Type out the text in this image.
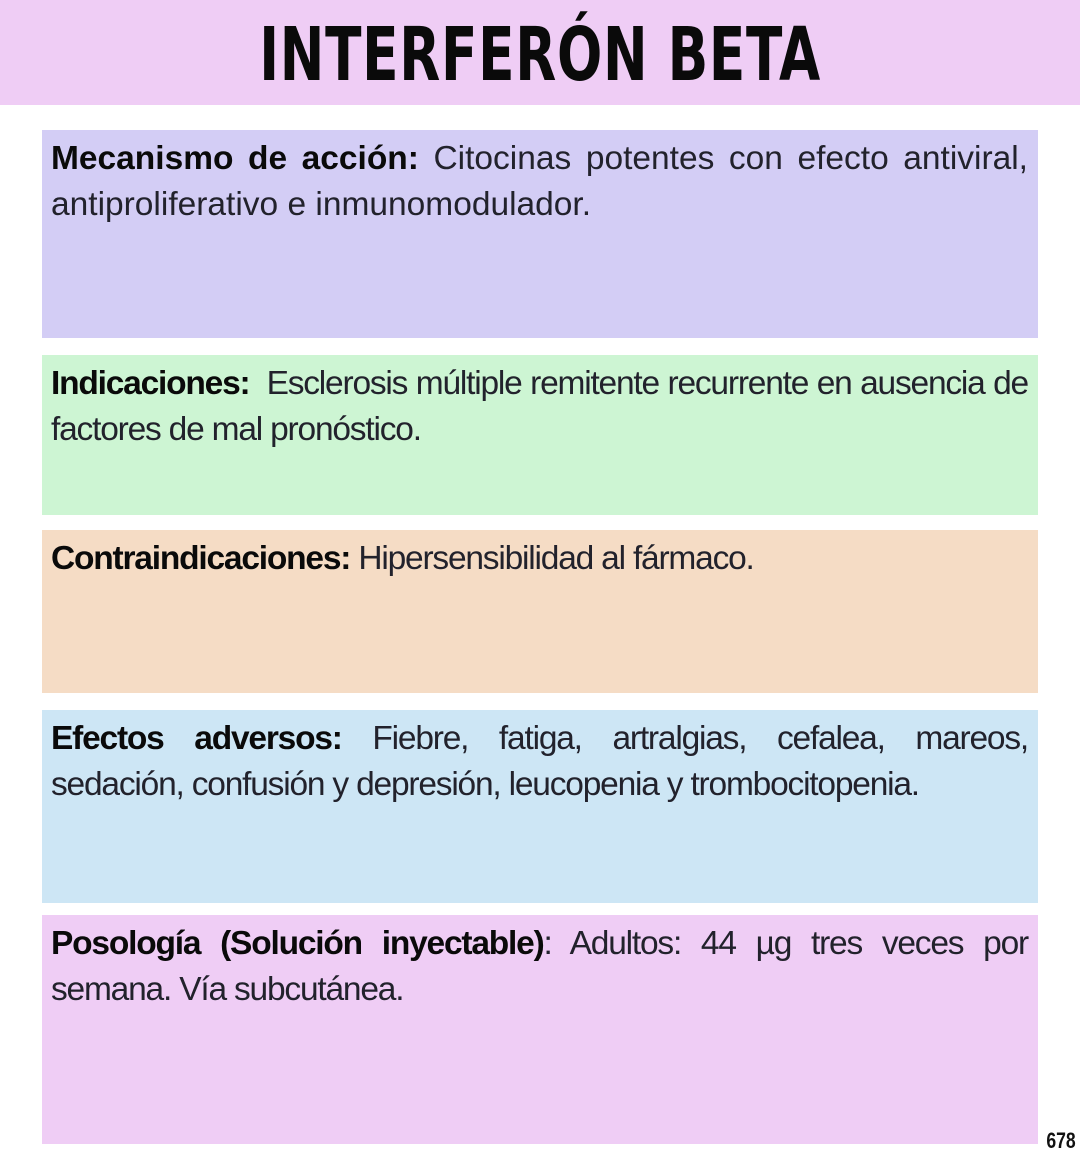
INTERFERÓN BETA

Mecanismo de acción: Citocinas potentes con efecto antiviral, antiproliferativo e inmunomodulador.

Indicaciones:  Esclerosis múltiple remitente recurrente en ausencia de factores de mal pronóstico.

Contraindicaciones: Hipersensibilidad al fármaco.

Efectos adversos: Fiebre, fatiga, artralgias, cefalea, mareos, sedación, confusión y depresión, leucopenia y trombocitopenia.

Posología (Solución inyectable): Adultos: 44 µg tres veces por semana. Vía subcutánea.

678
